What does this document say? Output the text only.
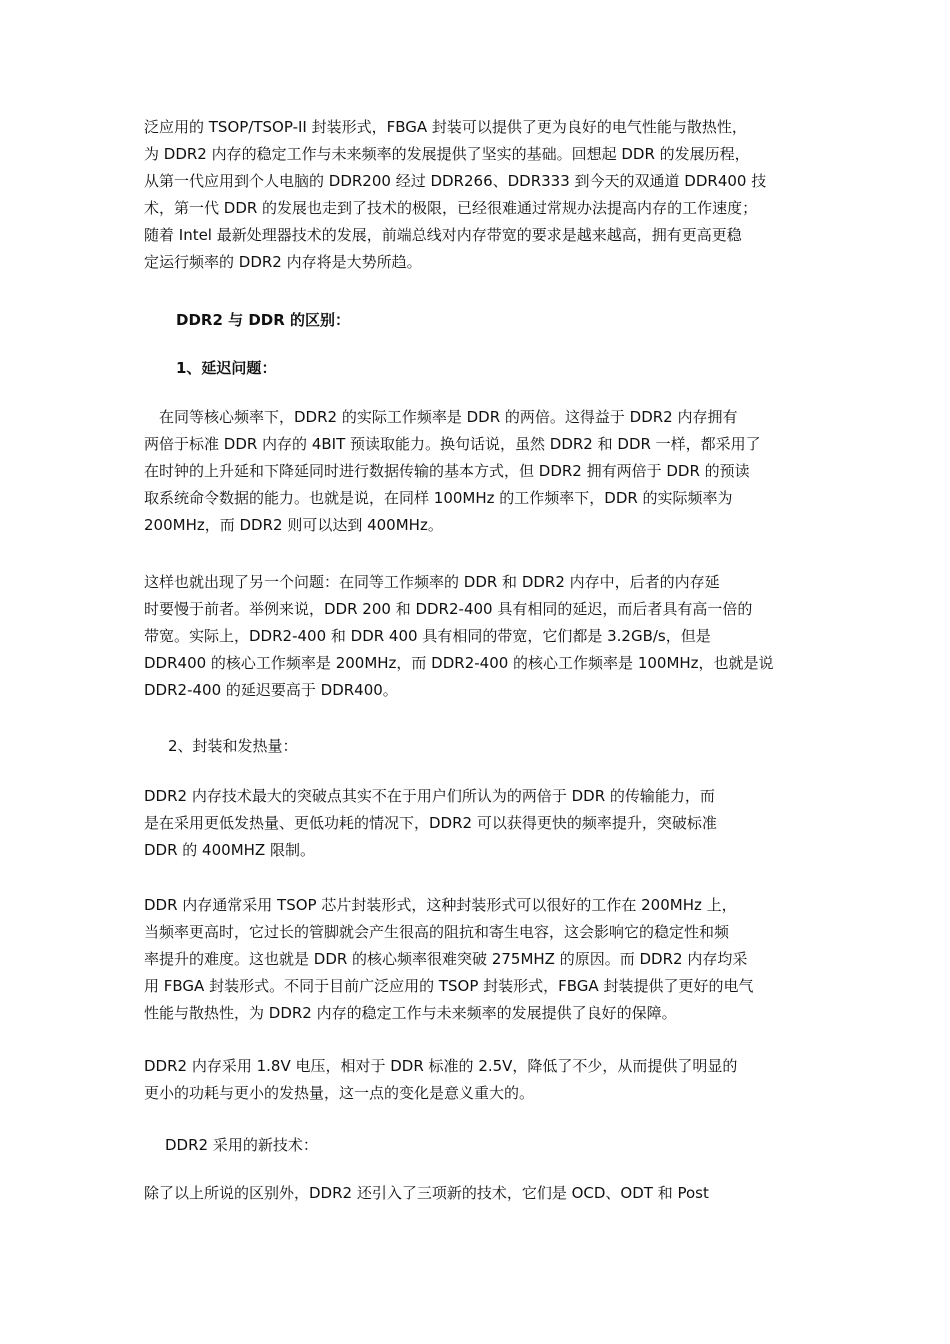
泛应用的 TSOP/TSOP-II 封装形式，FBGA 封装可以提供了更为良好的电气性能与散热性，
为 DDR2 内存的稳定工作与未来频率的发展提供了坚实的基础。回想起 DDR 的发展历程，
从第一代应用到个人电脑的 DDR200 经过 DDR266、DDR333 到今天的双通道 DDR400 技
术，第一代 DDR 的发展也走到了技术的极限，已经很难通过常规办法提高内存的工作速度；
随着 Intel 最新处理器技术的发展，前端总线对内存带宽的要求是越来越高，拥有更高更稳
定运行频率的 DDR2 内存将是大势所趋。

DDR2 与 DDR 的区别：

1、延迟问题：

　在同等核心频率下，DDR2 的实际工作频率是 DDR 的两倍。这得益于 DDR2 内存拥有
两倍于标准 DDR 内存的 4BIT 预读取能力。换句话说，虽然 DDR2 和 DDR 一样，都采用了
在时钟的上升延和下降延同时进行数据传输的基本方式，但 DDR2 拥有两倍于 DDR 的预读
取系统命令数据的能力。也就是说，在同样 100MHz 的工作频率下，DDR 的实际频率为
200MHz，而 DDR2 则可以达到 400MHz。

这样也就出现了另一个问题：在同等工作频率的 DDR 和 DDR2 内存中，后者的内存延
时要慢于前者。举例来说，DDR 200 和 DDR2-400 具有相同的延迟，而后者具有高一倍的
带宽。实际上，DDR2-400 和 DDR 400 具有相同的带宽，它们都是 3.2GB/s，但是
DDR400 的核心工作频率是 200MHz，而 DDR2-400 的核心工作频率是 100MHz，也就是说
DDR2-400 的延迟要高于 DDR400。

2、封装和发热量：

DDR2 内存技术最大的突破点其实不在于用户们所认为的两倍于 DDR 的传输能力，而
是在采用更低发热量、更低功耗的情况下，DDR2 可以获得更快的频率提升，突破标准
DDR 的 400MHZ 限制。

DDR 内存通常采用 TSOP 芯片封装形式，这种封装形式可以很好的工作在 200MHz 上，
当频率更高时，它过长的管脚就会产生很高的阻抗和寄生电容，这会影响它的稳定性和频
率提升的难度。这也就是 DDR 的核心频率很难突破 275MHZ 的原因。而 DDR2 内存均采
用 FBGA 封装形式。不同于目前广泛应用的 TSOP 封装形式，FBGA 封装提供了更好的电气
性能与散热性，为 DDR2 内存的稳定工作与未来频率的发展提供了良好的保障。

DDR2 内存采用 1.8V 电压，相对于 DDR 标准的 2.5V，降低了不少，从而提供了明显的
更小的功耗与更小的发热量，这一点的变化是意义重大的。

DDR2 采用的新技术：

除了以上所说的区别外，DDR2 还引入了三项新的技术，它们是 OCD、ODT 和 Post
